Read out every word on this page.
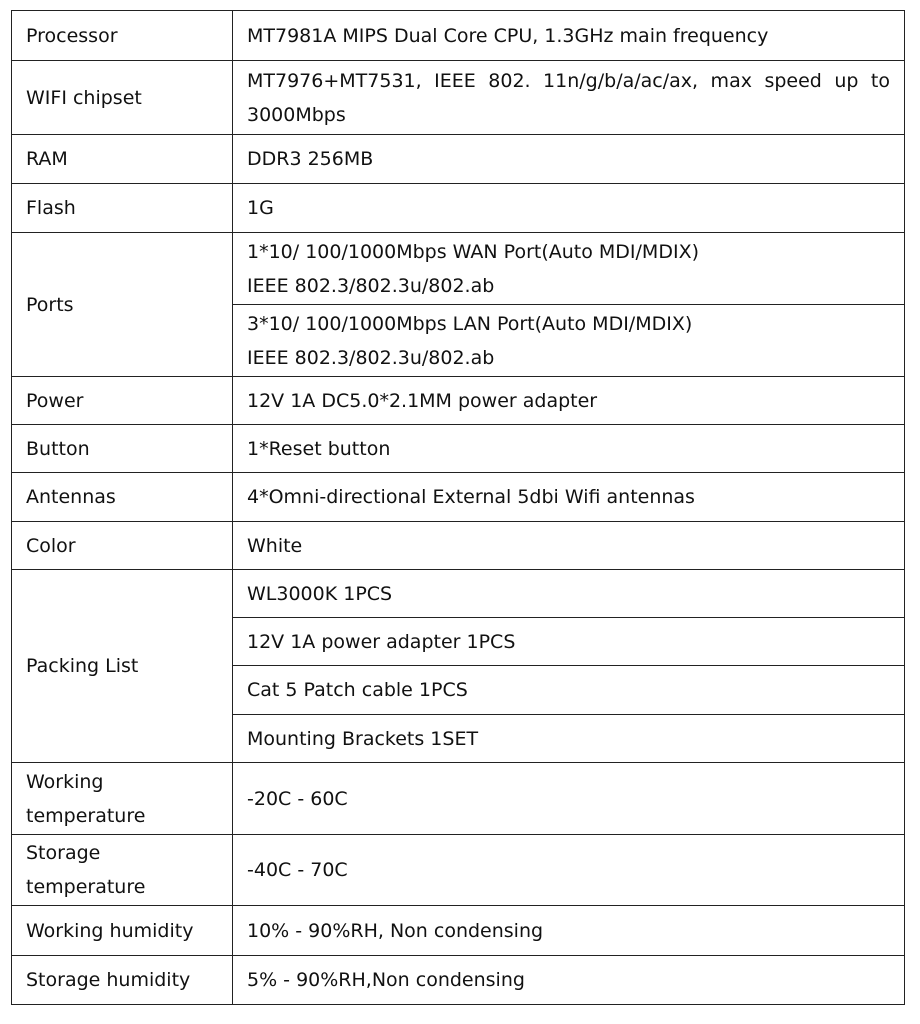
Processor	MT7981A MIPS Dual Core CPU, 1.3GHz main frequency
WIFI chipset	MT7976+MT7531, IEEE 802. 11n/g/b/a/ac/ax, max speed up to 3000Mbps
RAM	DDR3 256MB
Flash	1G
Ports	1*10/ 100/1000Mbps WAN Port(Auto MDI/MDIX)
IEEE 802.3/802.3u/802.ab

	3*10/ 100/1000Mbps LAN Port(Auto MDI/MDIX)
IEEE 802.3/802.3u/802.ab

Power	12V 1A DC5.0*2.1MM power adapter
Button	1*Reset button
Antennas	4*Omni-directional External 5dbi Wifi antennas
Color	White
Packing List	WL3000K 1PCS
	12V 1A power adapter 1PCS
	Cat 5 Patch cable 1PCS
	Mounting Brackets 1SET

Working
temperature	-20C - 60C

Storage
temperature	-40C - 70C
Working humidity	10% - 90%RH, Non condensing
Storage humidity	5% - 90%RH,Non condensing
